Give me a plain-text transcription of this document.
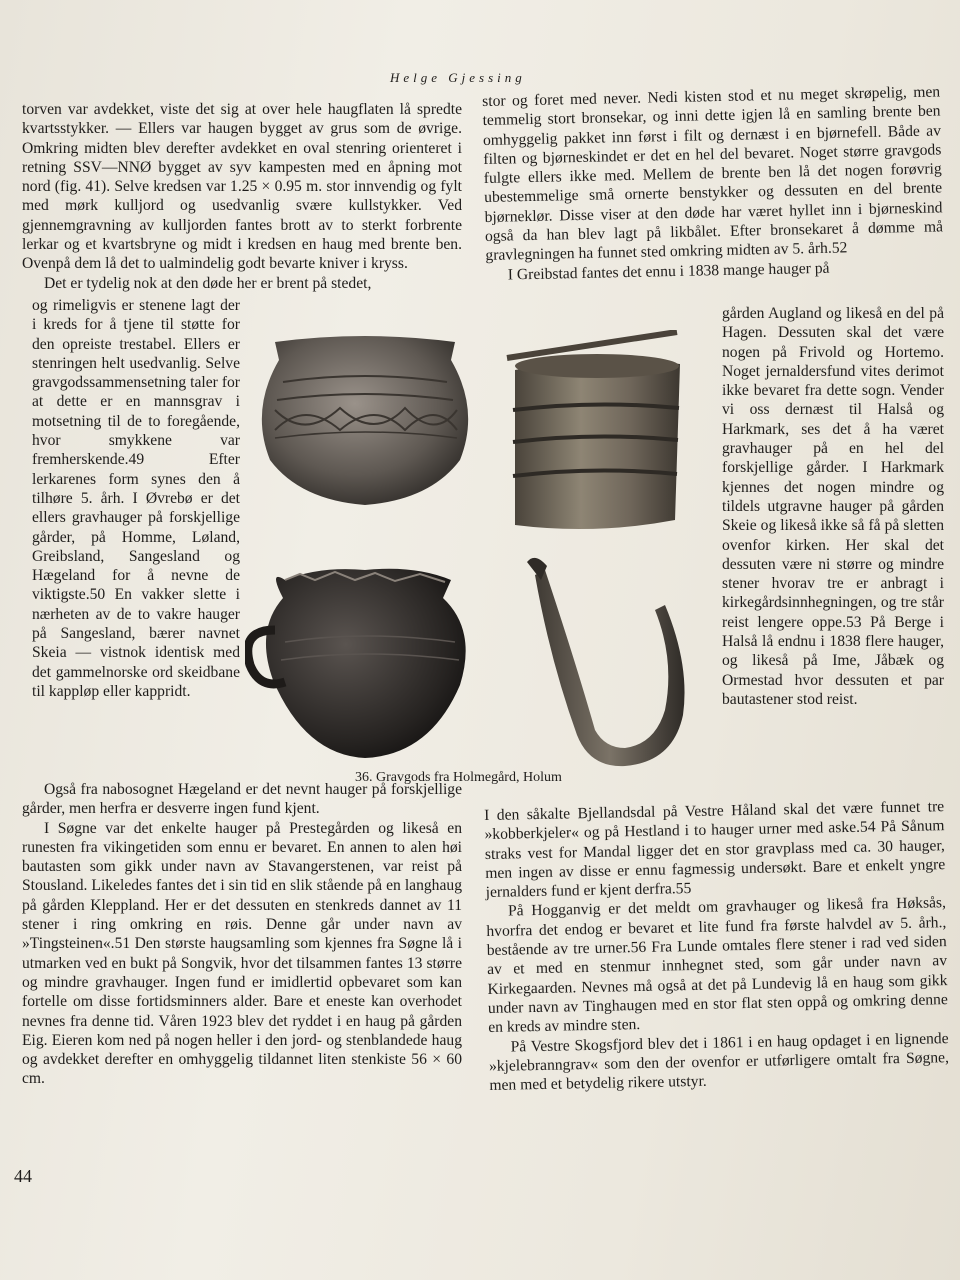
Helge Gjessing

torven var avdekket, viste det sig at over hele haugflaten lå spredte kvartsstykker. — Ellers var haugen bygget av grus som de øvrige. Omkring midten blev derefter avdekket en oval stenring orienteret i retning SSV—NNØ bygget av syv kampesten med en åpning mot nord (fig. 41). Selve kredsen var 1.25 × 0.95 m. stor innvendig og fylt med mørk kulljord og usedvanlig svære kullstykker. Ved gjennemgravning av kulljorden fantes brott av to sterkt forbrente lerkar og et kvartsbryne og midt i kredsen en haug med brente ben. Ovenpå dem lå det to ualmindelig godt bevarte kniver i kryss.

Det er tydelig nok at den døde her er brent på stedet,

og rimeligvis er stenene lagt der i kreds for å tjene til støtte for den opreiste trestabel. Ellers er stenringen helt usedvanlig. Selve gravgodssammensetning taler for at dette er en mannsgrav i motsetning til de to foregående, hvor smykkene var fremherskende.49 Efter lerkarenes form synes den å tilhøre 5. årh. I Øvrebø er det ellers gravhauger på forskjellige gårder, på Homme, Løland, Greibsland, Sangesland og Hægeland for å nevne de viktigste.50 En vakker slette i nærheten av de to vakre hauger på Sangesland, bærer navnet Skeia — vistnok identisk med det gammelnorske ord skeidbane til kappløp eller kappridt.

stor og foret med never. Nedi kisten stod et nu meget skrøpelig, men temmelig stort bronsekar, og inni dette igjen lå en samling brente ben omhyggelig pakket inn først i filt og dernæst i en bjørnefell. Både av filten og bjørneskindet er det en hel del bevaret. Noget større gravgods fulgte ellers ikke med. Mellem de brente ben lå det nogen forøvrig ubestemmelige små ornerte benstykker og dessuten en del brente bjørneklør. Disse viser at den døde har været hyllet inn i bjørneskind også da han blev lagt på likbålet. Efter bronsekaret å dømme må gravlegningen ha funnet sted omkring midten av 5. årh.52

I Greibstad fantes det ennu i 1838 mange hauger på

gården Augland og likeså en del på Hagen. Dessuten skal det være nogen på Frivold og Hortemo. Noget jernaldersfund vites derimot ikke bevaret fra dette sogn. Vender vi oss dernæst til Halså og Harkmark, ses det å ha været gravhauger på en hel del forskjellige gårder. I Harkmark kjennes det nogen mindre og tildels utgravne hauger på gården Skeie og likeså ikke så få på sletten ovenfor kirken. Her skal det dessuten være ni større og mindre stener hvorav tre er anbragt i kirkegårdsinnhegningen, og tre står reist lengere oppe.53 På Berge i Halså lå endnu i 1838 flere hauger, og likeså på Ime, Jåbæk og Ormestad hvor dessuten et par bautastener stod reist.

36. Gravgods fra Holmegård, Holum

Også fra nabosognet Hægeland er det nevnt hauger på forskjellige gårder, men herfra er desverre ingen fund kjent.

I Søgne var det enkelte hauger på Prestegården og likeså en runesten fra vikingetiden som ennu er bevaret. En annen to alen høi bautasten som gikk under navn av Stavangerstenen, var reist på Stousland. Likeledes fantes det i sin tid en slik stående på en langhaug på gården Kleppland. Her er det dessuten en stenkreds dannet av 11 stener i ring omkring en røis. Denne går under navn av »Tingsteinen«.51 Den største haugsamling som kjennes fra Søgne lå i utmarken ved en bukt på Songvik, hvor det tilsammen fantes 13 større og mindre gravhauger. Ingen fund er imidlertid opbevaret som kan fortelle om disse fortidsminners alder. Bare et eneste kan overhodet nevnes fra denne tid. Våren 1923 blev det ryddet i en haug på gården Eig. Eieren kom ned på nogen heller i den jord- og stenblandede haug og avdekket derefter en omhyggelig tildannet liten stenkiste 56 × 60 cm.

I den såkalte Bjellandsdal på Vestre Håland skal det være funnet tre »kobberkjeler« og på Hestland i to hauger urner med aske.54 På Sånum straks vest for Mandal ligger det en stor gravplass med ca. 30 hauger, men ingen av disse er ennu fagmessig undersøkt. Bare et enkelt yngre jernalders fund er kjent derfra.55

På Hogganvig er det meldt om gravhauger og likeså fra Høksås, hvorfra det endog er bevaret et lite fund fra første halvdel av 5. årh., bestående av tre urner.56 Fra Lunde omtales flere stener i rad ved siden av et med en stenmur innhegnet sted, som går under navn av Kirkegaarden. Nevnes må også at det på Lundevig lå en haug som gikk under navn av Tinghaugen med en stor flat sten oppå og omkring denne en kreds av mindre sten.

På Vestre Skogsfjord blev det i 1861 i en haug opdaget i en lignende »kjelebranngrav« som den der ovenfor er utførligere omtalt fra Søgne, men med et betydelig rikere utstyr.

44
